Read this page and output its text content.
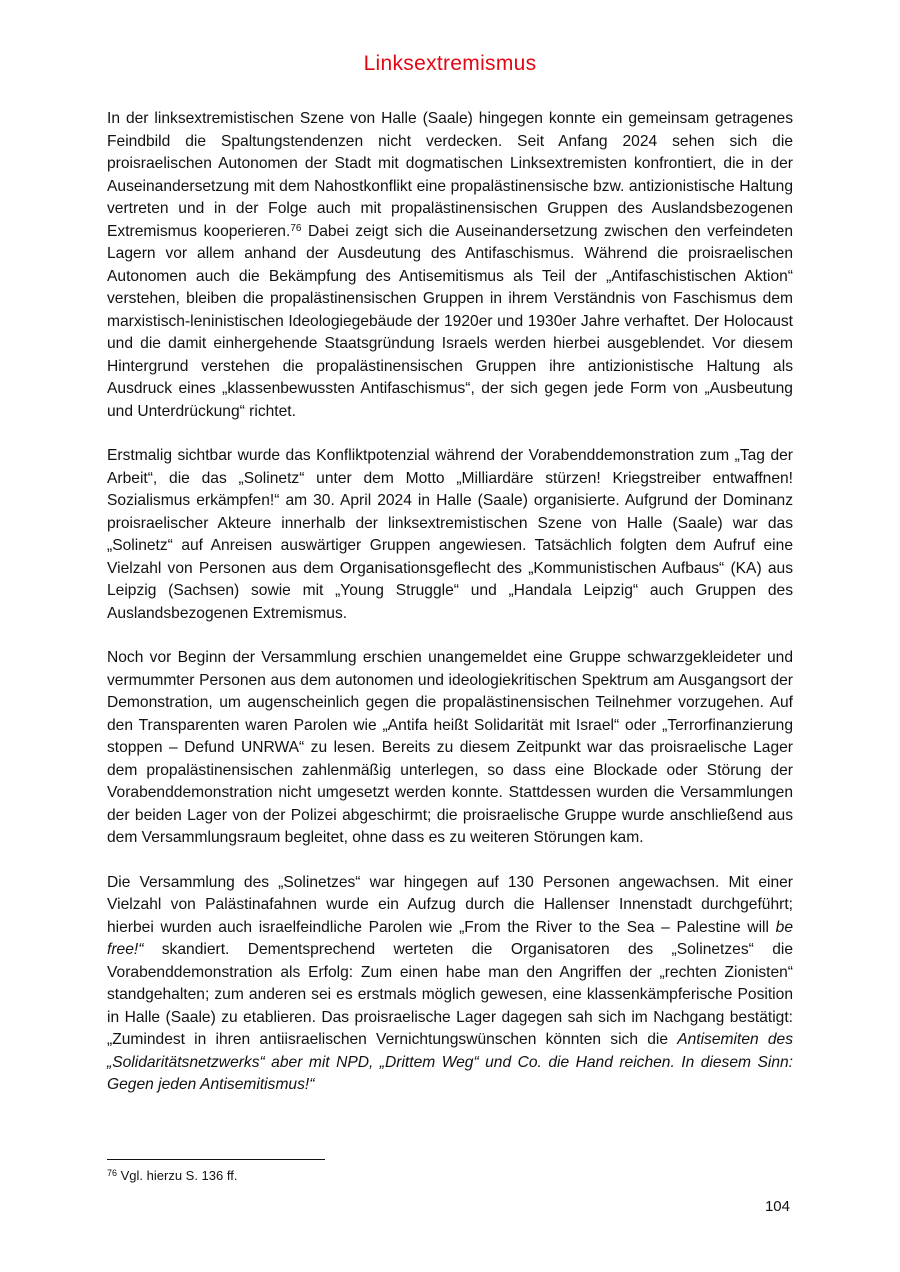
Linksextremismus

In der linksextremistischen Szene von Halle (Saale) hingegen konnte ein gemeinsam getragenes Feindbild die Spaltungstendenzen nicht verdecken. Seit Anfang 2024 sehen sich die proisraelischen Autonomen der Stadt mit dogmatischen Linksextremisten konfrontiert, die in der Auseinandersetzung mit dem Nahostkonflikt eine propalästinensische bzw. antizionistische Haltung vertreten und in der Folge auch mit propalästinensischen Gruppen des Auslandsbezogenen Extremismus kooperieren.$^{76}$ Dabei zeigt sich die Auseinandersetzung zwischen den verfeindeten Lagern vor allem anhand der Ausdeutung des Antifaschismus. Während die proisraelischen Autonomen auch die Bekämpfung des Antisemitismus als Teil der „Antifaschistischen Aktion“ verstehen, bleiben die propalästinensischen Gruppen in ihrem Verständnis von Faschismus dem marxistisch-leninistischen Ideologiegebäude der 1920er und 1930er Jahre verhaftet. Der Holocaust und die damit einhergehende Staatsgründung Israels werden hierbei ausgeblendet. Vor diesem Hintergrund verstehen die propalästinensischen Gruppen ihre antizionistische Haltung als Ausdruck eines „klassenbewussten Antifaschismus“, der sich gegen jede Form von „Ausbeutung und Unterdrückung“ richtet.

Erstmalig sichtbar wurde das Konfliktpotenzial während der Vorabenddemonstration zum „Tag der Arbeit“, die das „Solinetz“ unter dem Motto „Milliardäre stürzen! Kriegstreiber entwaffnen! Sozialismus erkämpfen!“ am 30. April 2024 in Halle (Saale) organisierte. Aufgrund der Dominanz proisraelischer Akteure innerhalb der linksextremistischen Szene von Halle (Saale) war das „Solinetz“ auf Anreisen auswärtiger Gruppen angewiesen. Tatsächlich folgten dem Aufruf eine Vielzahl von Personen aus dem Organisationsgeflecht des „Kommunistischen Aufbaus“ (KA) aus Leipzig (Sachsen) sowie mit „Young Struggle“ und „Handala Leipzig“ auch Gruppen des Auslandsbezogenen Extremismus.

Noch vor Beginn der Versammlung erschien unangemeldet eine Gruppe schwarzgekleideter und vermummter Personen aus dem autonomen und ideologiekritischen Spektrum am Ausgangsort der Demonstration, um augenscheinlich gegen die propalästinensischen Teilnehmer vorzugehen. Auf den Transparenten waren Parolen wie „Antifa heißt Solidarität mit Israel“ oder „Terrorfinanzierung stoppen – Defund UNRWA“ zu lesen. Bereits zu diesem Zeitpunkt war das proisraelische Lager dem propalästinensischen zahlenmäßig unterlegen, so dass eine Blockade oder Störung der Vorabenddemonstration nicht umgesetzt werden konnte. Stattdessen wurden die Versammlungen der beiden Lager von der Polizei abgeschirmt; die proisraelische Gruppe wurde anschließend aus dem Versammlungsraum begleitet, ohne dass es zu weiteren Störungen kam.

Die Versammlung des „Solinetzes“ war hingegen auf 130 Personen angewachsen. Mit einer Vielzahl von Palästinafahnen wurde ein Aufzug durch die Hallenser Innenstadt durchgeführt; hierbei wurden auch israelfeindliche Parolen wie „From the River to the Sea – Palestine will be free!“ skandiert. Dementsprechend werteten die Organisatoren des „Solinetzes“ die Vorabenddemonstration als Erfolg: Zum einen habe man den Angriffen der „rechten Zionisten“ standgehalten; zum anderen sei es erstmals möglich gewesen, eine klassenkämpferische Position in Halle (Saale) zu etablieren. Das proisraelische Lager dagegen sah sich im Nachgang bestätigt: „Zumindest in ihren antiisraelischen Vernichtungswünschen könnten sich die Antisemiten des „Solidaritätsnetzwerks“ aber mit NPD, „Drittem Weg“ und Co. die Hand reichen. In diesem Sinn: Gegen jeden Antisemitismus!“

$^{76}$ Vgl. hierzu S. 136 ff.
104
